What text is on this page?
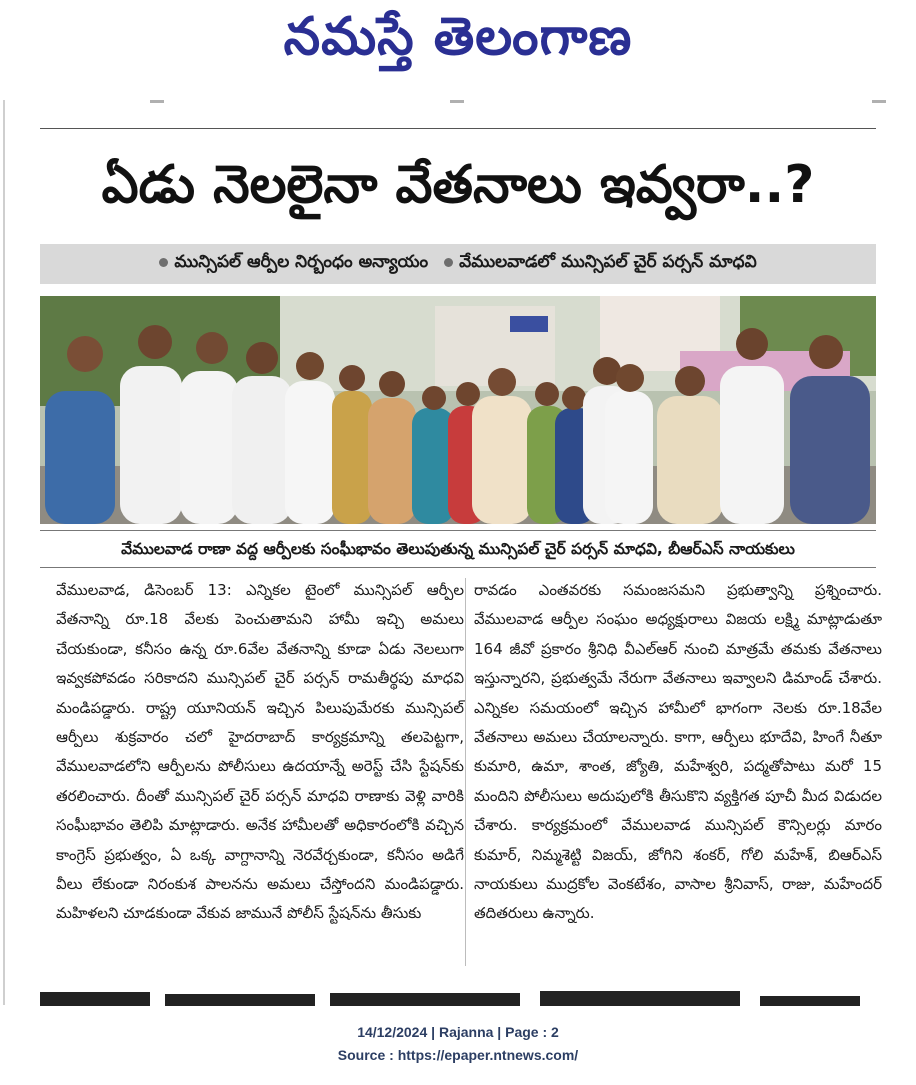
నమస్తే తెలంగాణ
ఏడు నెలలైనా వేతనాలు ఇవ్వరా..?
మున్సిపల్ ఆర్పీల నిర్బంధం అన్యాయం	వేములవాడలో మున్సిపల్ చైర్ పర్సన్ మాధవి
వేములవాడ రాణా వద్ద ఆర్పీలకు సంఘీభావం తెలుపుతున్న మున్సిపల్ చైర్ పర్సన్ మాధవి, బీఆర్ఎస్ నాయకులు
వేములవాడ, డిసెంబర్ 13: ఎన్నికల టైంలో మున్సిపల్ ఆర్పీల వేతనాన్ని రూ.18 వేలకు పెంచుతామని హామీ ఇచ్చి అమలు చేయకుండా, కనీసం ఉన్న రూ.6వేల వేతనాన్ని కూడా ఏడు నెలలుగా ఇవ్వకపోవడం సరికాదని మున్సిపల్ చైర్ పర్సన్ రామతీర్థపు మాధవి మండిపడ్డారు. రాష్ట్ర యూనియన్ ఇచ్చిన పిలుపుమేరకు మున్సిపల్ ఆర్పీలు శుక్రవారం చలో హైదరాబాద్ కార్యక్రమాన్ని తలపెట్టగా, వేములవాడలోని ఆర్పీలను పోలీసులు ఉదయాన్నే అరెస్ట్ చేసి స్టేషన్‌కు తరలించారు. దీంతో మున్సిపల్ చైర్ పర్సన్ మాధవి రాణాకు వెళ్లి వారికి సంఘీభావం తెలిపి మాట్లాడారు. అనేక హామీలతో అధికారంలోకి వచ్చిన కాంగ్రెస్ ప్రభుత్వం, ఏ ఒక్క వాగ్దానాన్ని నెరవేర్చకుండా, కనీసం అడిగే వీలు లేకుండా నిరంకుశ పాలనను అమలు చేస్తోందని మండిపడ్డారు. మహిళలని చూడకుండా వేకువ జామునే పోలీస్ స్టేషన్‌ను తీసుకు
రావడం ఎంతవరకు సమంజసమని ప్రభుత్వాన్ని ప్రశ్నించారు. వేములవాడ ఆర్పీల సంఘం అధ్యక్షురాలు విజయ లక్ష్మి మాట్లాడుతూ 164 జీవో ప్రకారం శ్రీనిధి వీఎల్ఆర్ నుంచి మాత్రమే తమకు వేతనాలు ఇస్తున్నారని, ప్రభుత్వమే నేరుగా వేతనాలు ఇవ్వాలని డిమాండ్ చేశారు. ఎన్నికల సమయంలో ఇచ్చిన హామీలో భాగంగా నెలకు రూ.18వేల వేతనాలు అమలు చేయాలన్నారు. కాగా, ఆర్పీలు భూదేవి, హింగే నీతూ కుమారి, ఉమా, శాంత, జ్యోతి, మహేశ్వరి, పద్మతోపాటు మరో 15 మందిని పోలీసులు అదుపులోకి తీసుకొని వ్యక్తిగత పూచీ మీద విడుదల చేశారు. కార్యక్రమంలో వేములవాడ మున్సిపల్ కౌన్సిలర్లు మారం కుమార్, నిమ్మశెట్టి విజయ్, జోగిని శంకర్, గోలి మహేశ్, బిఆర్ఎస్ నాయకులు ముద్రకోల వెంకటేశం, వాసాల శ్రీనివాస్, రాజు, మహేందర్ తదితరులు ఉన్నారు.
14/12/2024 | Rajanna | Page : 2
Source : https://epaper.ntnews.com/
